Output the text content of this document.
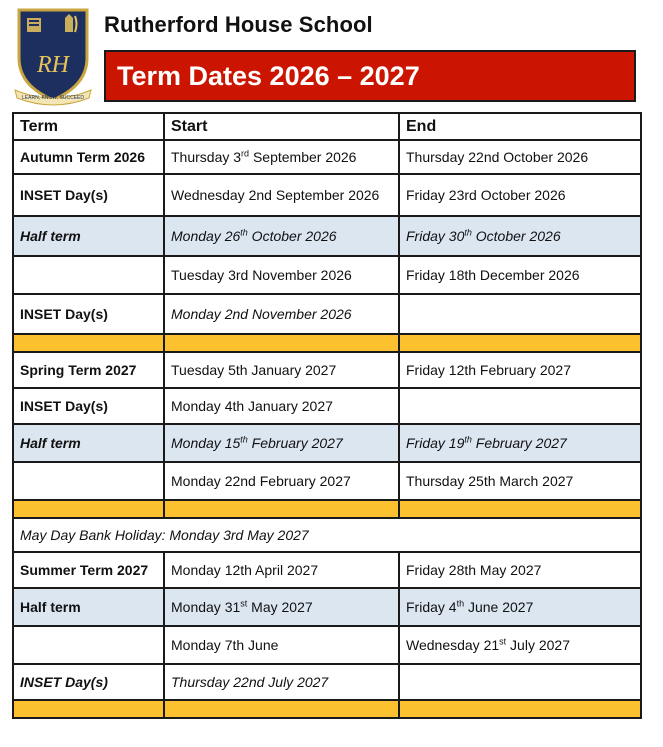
RH
LEARN, KNOW, SUCCEED
Rutherford House School
Term Dates 2026 – 2027
Term	Start	End
Autumn Term 2026	Thursday 3rd September 2026	Thursday 22nd October 2026
INSET Day(s)	Wednesday 2nd September 2026	Friday 23rd October 2026
Half term	Monday 26th October 2026	Friday 30th October 2026
	Tuesday 3rd November 2026	Friday 18th December 2026
INSET Day(s)	Monday 2nd November 2026	

Spring Term 2027	Tuesday 5th January 2027	Friday 12th February 2027
INSET Day(s)	Monday 4th January 2027	
Half term	Monday 15th February 2027	Friday 19th February 2027
	Monday 22nd February 2027	Thursday 25th March 2027

May Day Bank Holiday: Monday 3rd May 2027		
Summer Term 2027	Monday 12th April 2027	Friday 28th May 2027
Half term	Monday 31st May 2027	Friday 4th June 2027
	Monday 7th June	Wednesday 21st July 2027
INSET Day(s)	Thursday 22nd July 2027	
